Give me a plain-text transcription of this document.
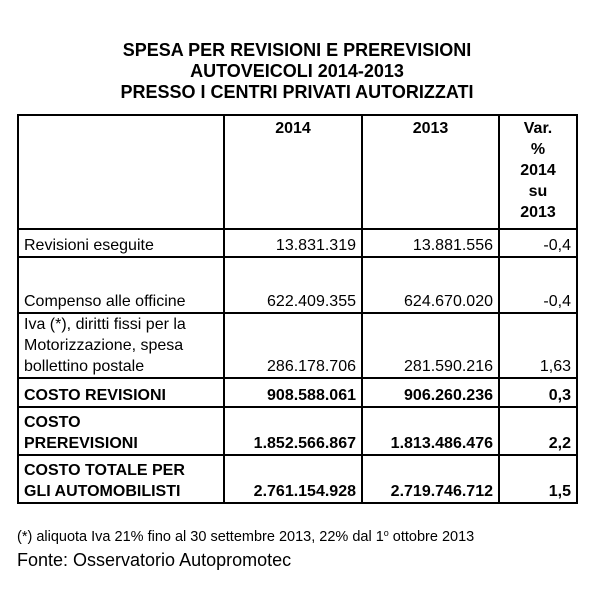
SPESA PER REVISIONI E PREREVISIONI
AUTOVEICOLI 2014-2013
PRESSO I CENTRI PRIVATI AUTORIZZATI
	2014	2013	Var.
%
2014
su
2013

Revisioni eseguite	13.831.319	13.881.556	-0,4
Compenso alle officine	622.409.355	624.670.020	-0,4

Iva (*), diritti fissi per la
Motorizzazione, spesa
bollettino postale	286.178.706	281.590.216	1,63
COSTO REVISIONI	908.588.061	906.260.236	0,3

COSTO
PREREVISIONI	1.852.566.867	1.813.486.476	2,2

COSTO TOTALE PER
GLI AUTOMOBILISTI	2.761.154.928	2.719.746.712	1,5
(*) aliquota Iva 21% fino al 30 settembre 2013, 22% dal 1$^o$ ottobre 2013
Fonte: Osservatorio Autopromotec
